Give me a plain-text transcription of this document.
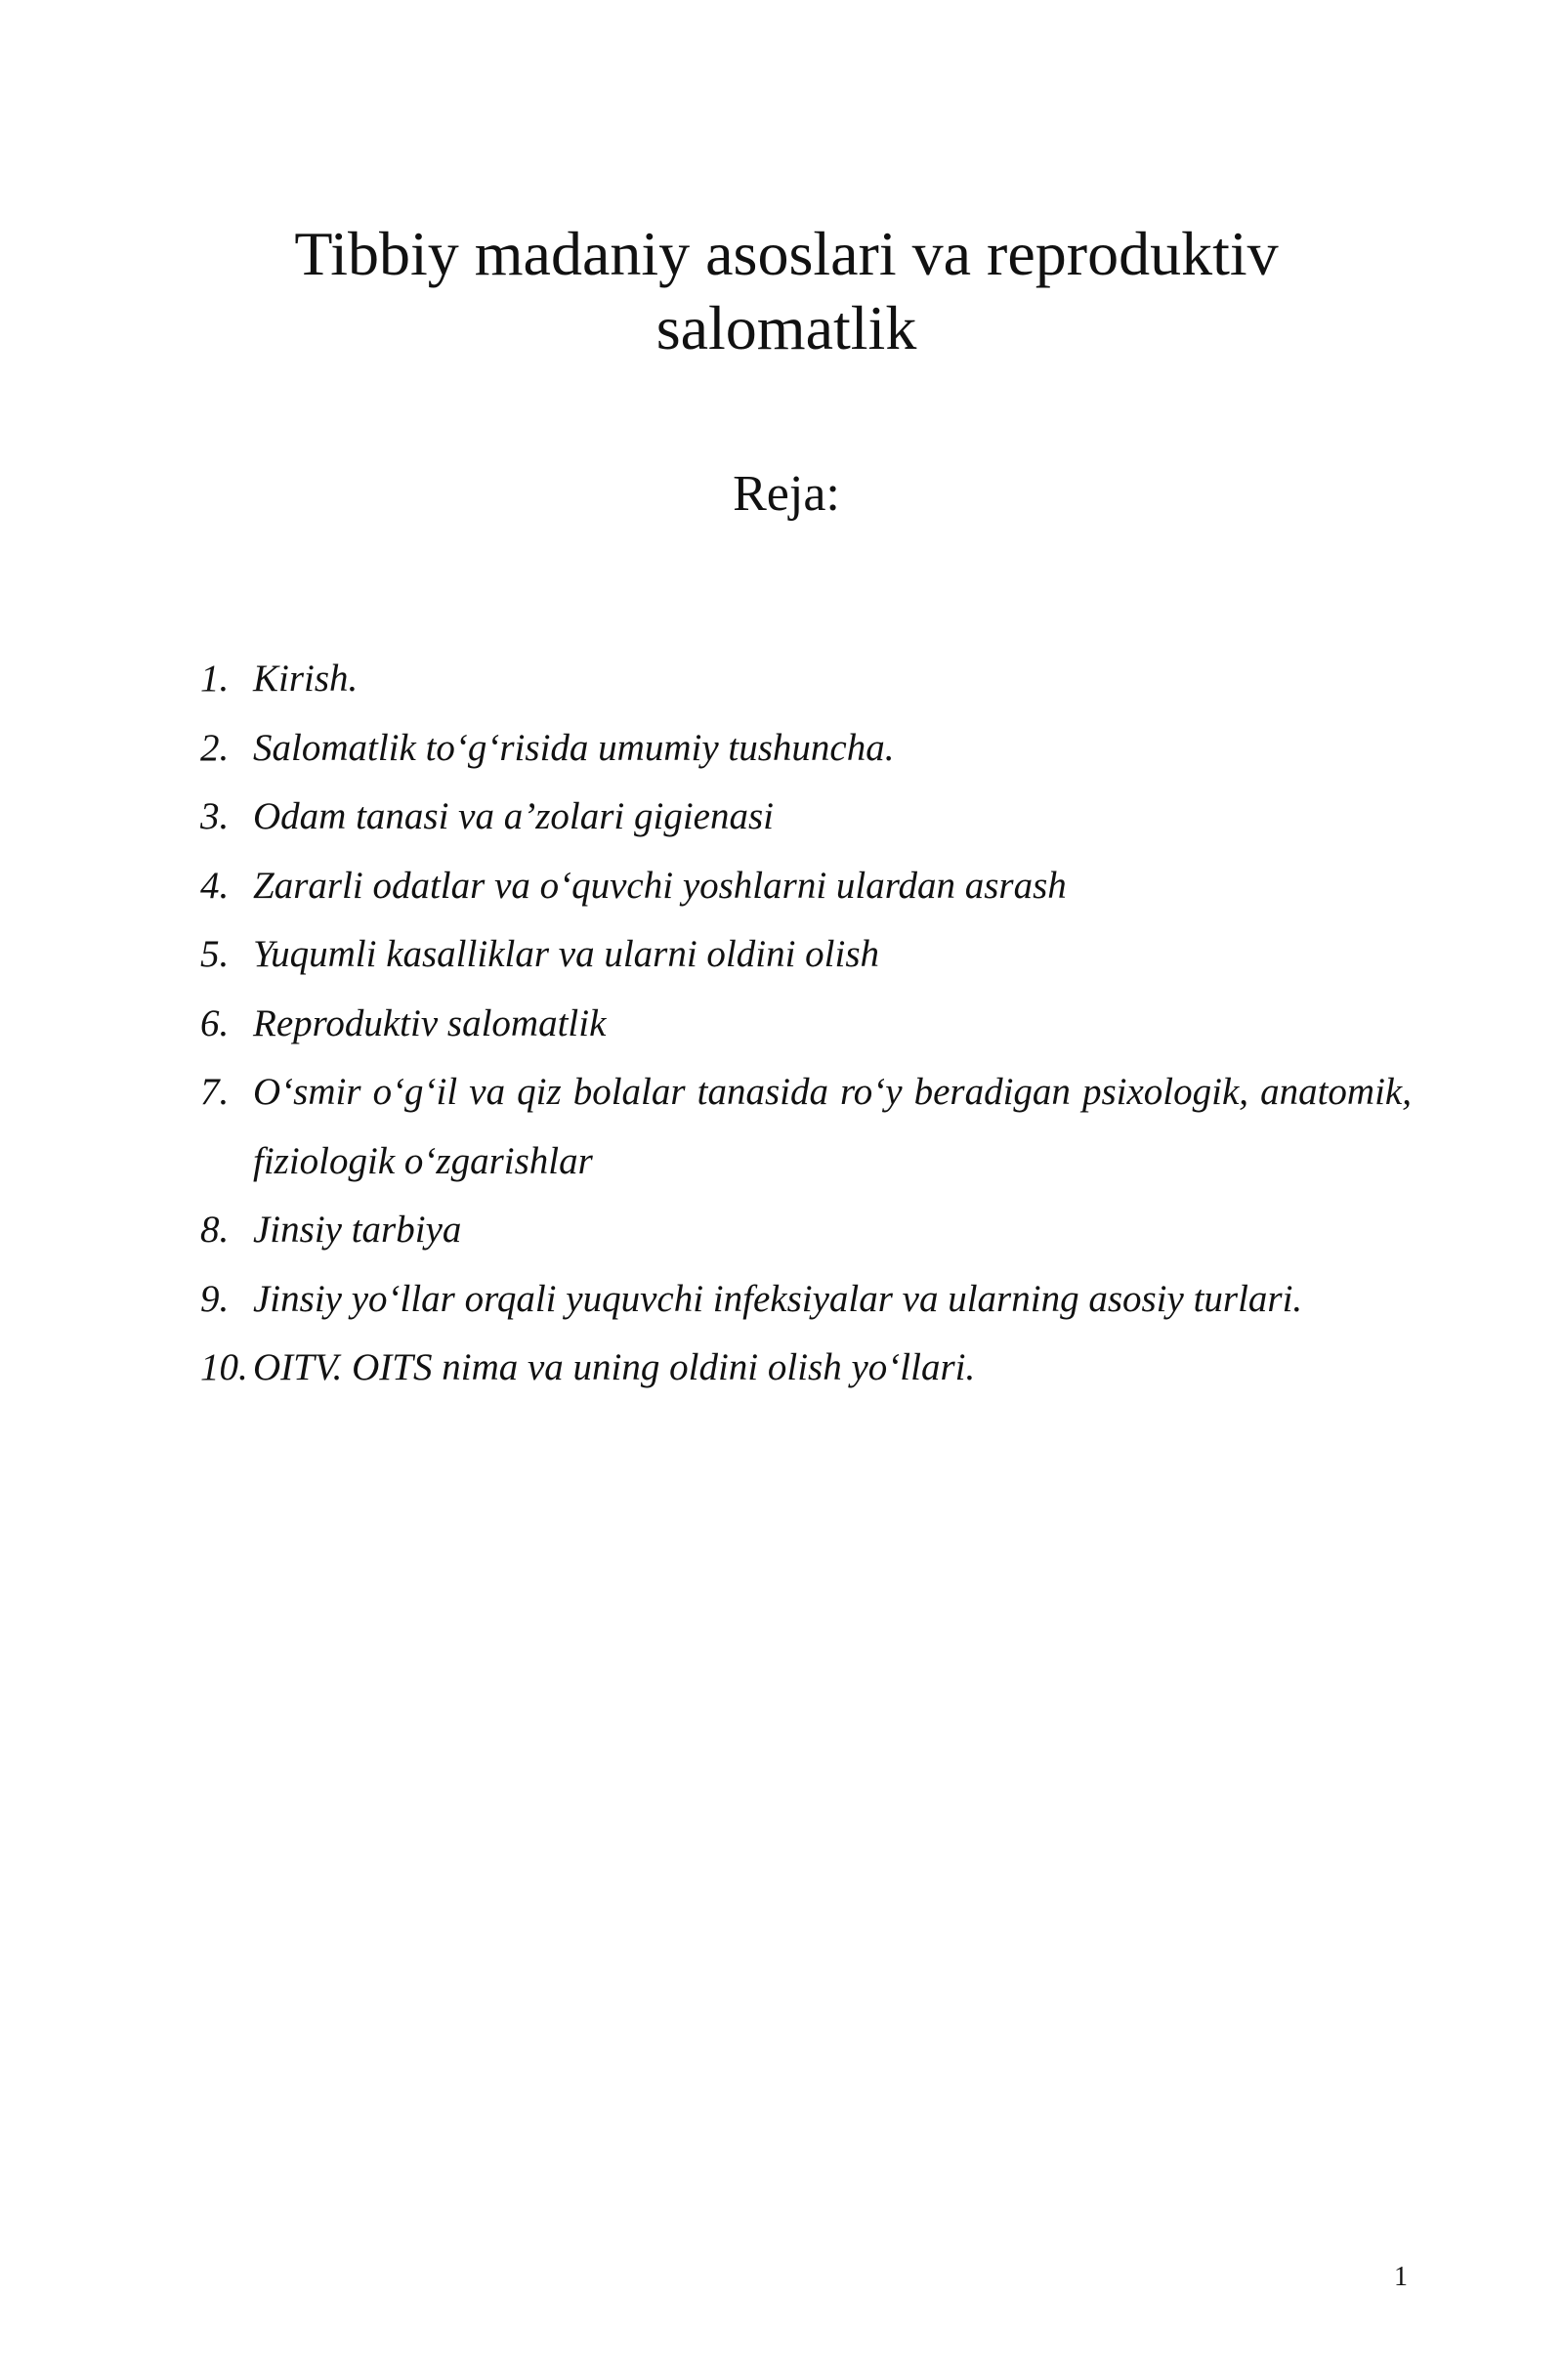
Tibbiy madaniy asoslari va reproduktiv salomatlik
Reja:
1. Kirish.
2. Salomatlik to‘g‘risida umumiy tushuncha.
3. Odam tanasi va a’zolari gigienasi
4. Zararli odatlar va o‘quvchi yoshlarni ulardan asrash
5. Yuqumli kasalliklar va ularni oldini olish
6. Reproduktiv salomatlik
7. O‘smir o‘g‘il va qiz bolalar tanasida ro‘y beradigan psixologik, anatomik, fiziologik o‘zgarishlar
8. Jinsiy tarbiya
9. Jinsiy yo‘llar orqali yuquvchi infeksiyalar va ularning asosiy turlari.
10. OITV. OITS nima va uning oldini olish yo‘llari.
1
